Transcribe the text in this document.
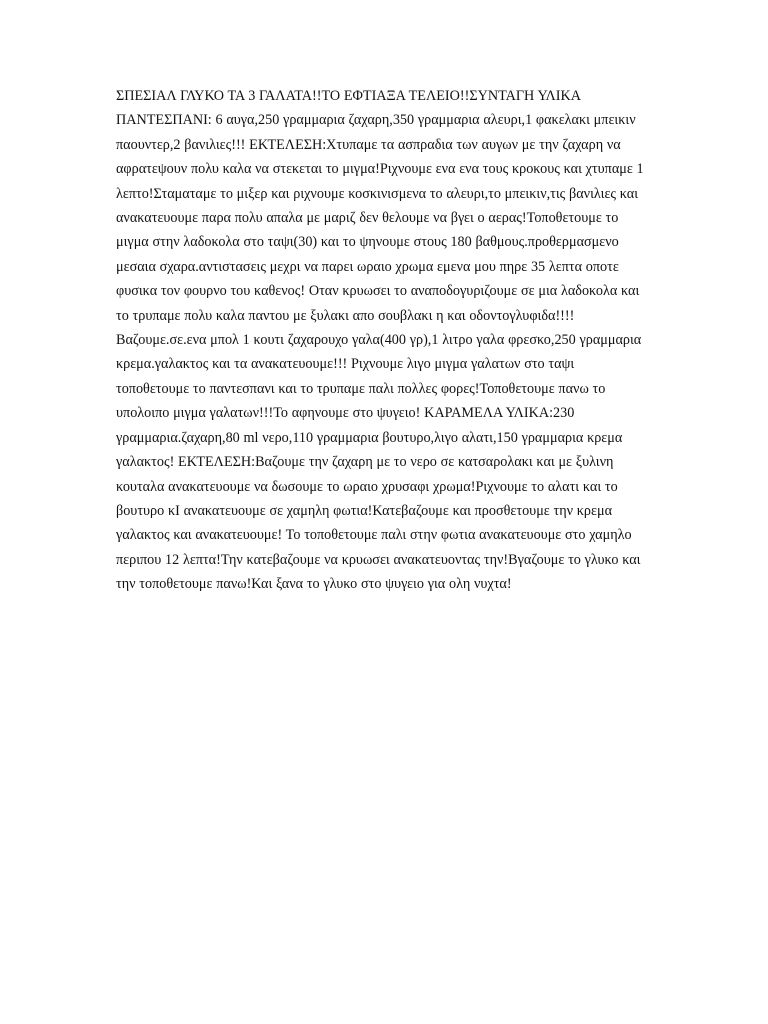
ΣΠΕΣΙΑΛ ΓΛΥΚΟ ΤΑ 3 ΓΑΛΑΤΑ!!ΤΟ ΕΦΤΙΑΞΑ ΤΕΛΕΙΟ!!ΣΥΝΤΑΓΗ ΥΛΙΚΑ ΠΑΝΤΕΣΠΑΝΙ: 6 αυγα,250 γραμμαρια ζαχαρη,350 γραμμαρια αλευρι,1 φακελακι μπεικιν παουντερ,2 βανιλιες!!! ΕΚΤΕΛΕΣΗ:Χτυπαμε τα ασπραδια των αυγων με την ζαχαρη να αφρατεψουν πολυ καλα να στεκεται το μιγμα!Ριχνουμε ενα ενα τους κροκους και χτυπαμε 1 λεπτο!Σταματαμε το μιξερ και ριχνουμε κοσκινισμενα το αλευρι,το μπεικιν,τις βανιλιες και ανακατευουμε παρα πολυ απαλα με μαριζ δεν θελουμε να βγει ο αερας!Τοποθετουμε το μιγμα στην λαδοκολα στο ταψι(30) και το ψηνουμε στους 180 βαθμους.προθερμασμενο μεσαια σχαρα.αντιστασεις μεχρι να παρει ωραιο χρωμα εμενα μου πηρε 35 λεπτα οποτε φυσικα τον φουρνο του καθενος! Οταν κρυωσει το αναποδογυριζουμε σε μια λαδοκολα και το τρυπαμε πολυ καλα παντου με ξυλακι απο σουβλακι η και οδοντογλυφιδα!!!!Βαζουμε.σε.ενα μπολ 1 κουτι ζαχαρουχο γαλα(400 γρ),1 λιτρο γαλα φρεσκο,250 γραμμαρια κρεμα.γαλακτος και τα ανακατευουμε!!! Ριχνουμε λιγο μιγμα γαλατων στο ταψι τοποθετουμε το παντεσπανι και το τρυπαμε παλι πολλες φορες!Τοποθετουμε πανω το υπολοιπο μιγμα γαλατων!!!Το αφηνουμε στο ψυγειο! ΚΑΡΑΜΕΛΑ ΥΛΙΚΑ:230 γραμμαρια.ζαχαρη,80 ml νερο,110 γραμμαρια βουτυρο,λιγο αλατι,150 γραμμαρια κρεμα γαλακτος! ΕΚΤΕΛΕΣΗ:Βαζουμε την ζαχαρη με το νερο σε κατσαρολακι και με ξυλινη κουταλα ανακατευουμε να δωσουμε το ωραιο χρυσαφι χρωμα!Ριχνουμε το αλατι και το βουτυρο κΙ ανακατευουμε σε χαμηλη φωτια!Κατεβαζουμε και προσθετουμε την κρεμα γαλακτος και ανακατευουμε! Το τοποθετουμε παλι στην φωτια ανακατευουμε στο χαμηλο περιπου 12 λεπτα!Την κατεβαζουμε να κρυωσει ανακατευοντας την!Βγαζουμε το γλυκο και την τοποθετουμε πανω!Και ξανα το γλυκο στο ψυγειο για ολη νυχτα!
